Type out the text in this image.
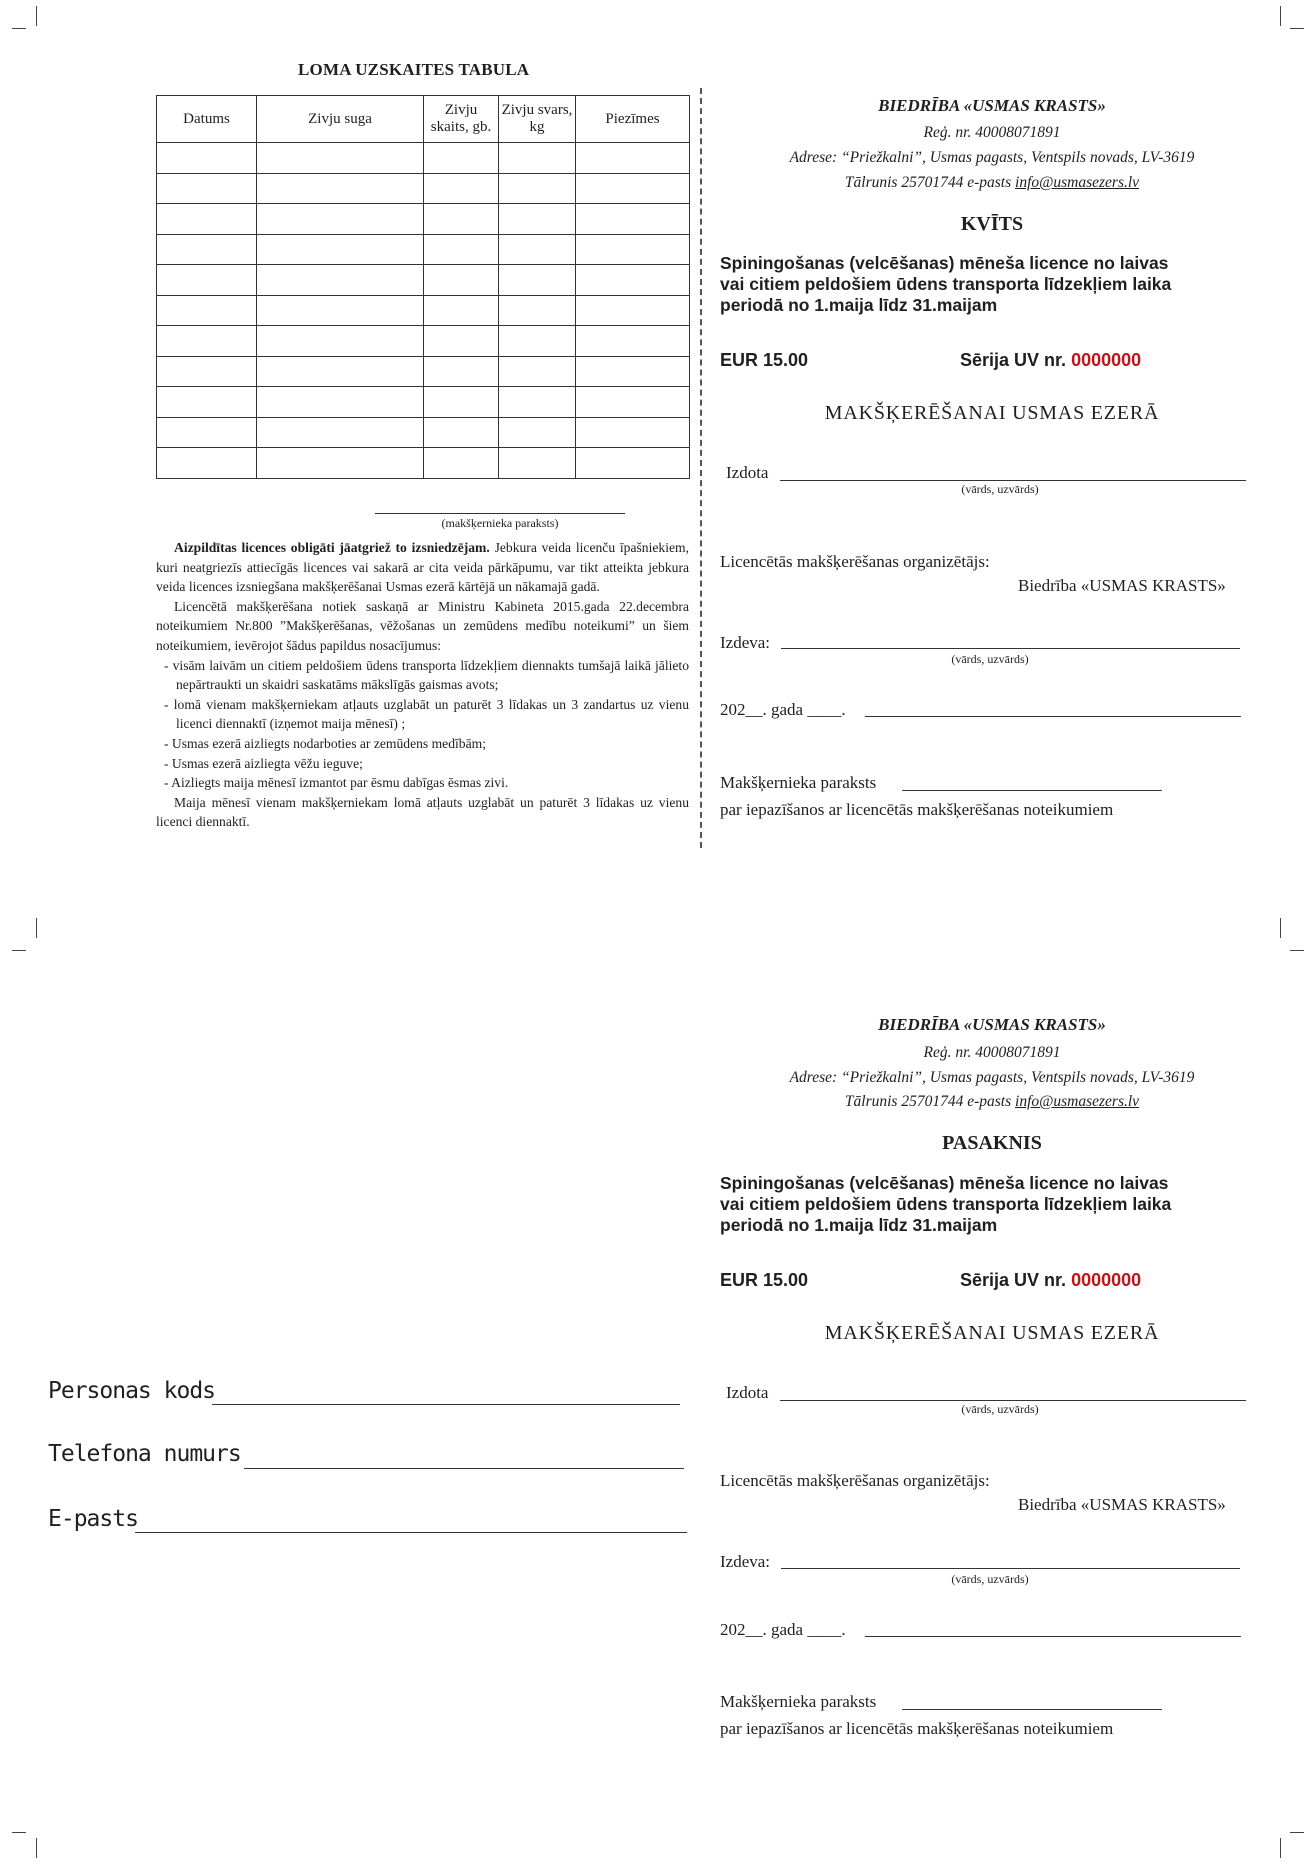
LOMA UZSKAITES TABULA
Datums	Zivju suga	Zivju skaits, gb.	Zivju svars, kg	Piezīmes

(makšķernieka paraksts)

Aizpildītas licences obligāti jāatgriež to izsniedzējam. Jebkura veida licenču īpašniekiem, kuri neatgriezīs attiecīgās licences vai sakarā ar cita veida pārkāpumu, var tikt atteikta jebkura veida licences izsniegšana makšķerēšanai Usmas ezerā kārtējā un nākamajā gadā.

Licencētā makšķerēšana notiek saskaņā ar Ministru Kabineta 2015.gada 22.decembra noteikumiem Nr.800 ”Makšķerēšanas, vēžošanas un zemūdens medību noteikumi” un šiem noteikumiem, ievērojot šādus papildus nosacījumus:

- visām laivām un citiem peldošiem ūdens transporta līdzekļiem diennakts tumšajā laikā jālieto nepārtraukti un skaidri saskatāms mākslīgās gaismas avots;

- lomā vienam makšķerniekam atļauts uzglabāt un paturēt 3 līdakas un 3 zandartus uz vienu licenci diennaktī (izņemot maija mēnesī) ;

- Usmas ezerā aizliegts nodarboties ar zemūdens medībām;

- Usmas ezerā aizliegta vēžu ieguve;

- Aizliegts maija mēnesī izmantot par ēsmu dabīgas ēsmas zivi.

Maija mēnesī vienam makšķerniekam lomā atļauts uzglabāt un paturēt 3 līdakas uz vienu licenci diennaktī.

BIEDRĪBA «USMAS KRASTS»
Reģ. nr. 40008071891
Adrese: “Priežkalni”, Usmas pagasts, Ventspils novads, LV-3619
Tālrunis 25701744 e-pasts info@usmasezers.lv
KVĪTS
Spiningošanas (velcēšanas) mēneša licence no laivas vai citiem peldošiem ūdens transporta līdzekļiem laika periodā no 1.maija līdz 31.maijam
EUR 15.00	Sērija UV nr. 0000000
MAKŠĶERĒŠANAI USMAS EZERĀ
Izdota
(vārds, uzvārds)
Licencētās makšķerēšanas organizētājs:
Biedrība «USMAS KRASTS»
Izdeva:
(vārds, uzvārds)
202__. gada ____.
Makšķernieka paraksts
par iepazīšanos ar licencētās makšķerēšanas noteikumiem
BIEDRĪBA «USMAS KRASTS»
Reģ. nr. 40008071891
Adrese: “Priežkalni”, Usmas pagasts, Ventspils novads, LV-3619
Tālrunis 25701744 e-pasts info@usmasezers.lv
PASAKNIS
Spiningošanas (velcēšanas) mēneša licence no laivas vai citiem peldošiem ūdens transporta līdzekļiem laika periodā no 1.maija līdz 31.maijam
EUR 15.00	Sērija UV nr. 0000000
MAKŠĶERĒŠANAI USMAS EZERĀ
Izdota
(vārds, uzvārds)
Licencētās makšķerēšanas organizētājs:
Biedrība «USMAS KRASTS»
Izdeva:
(vārds, uzvārds)
202__. gada ____.
Makšķernieka paraksts
par iepazīšanos ar licencētās makšķerēšanas noteikumiem
Personas kods
Telefona numurs
E-pasts
